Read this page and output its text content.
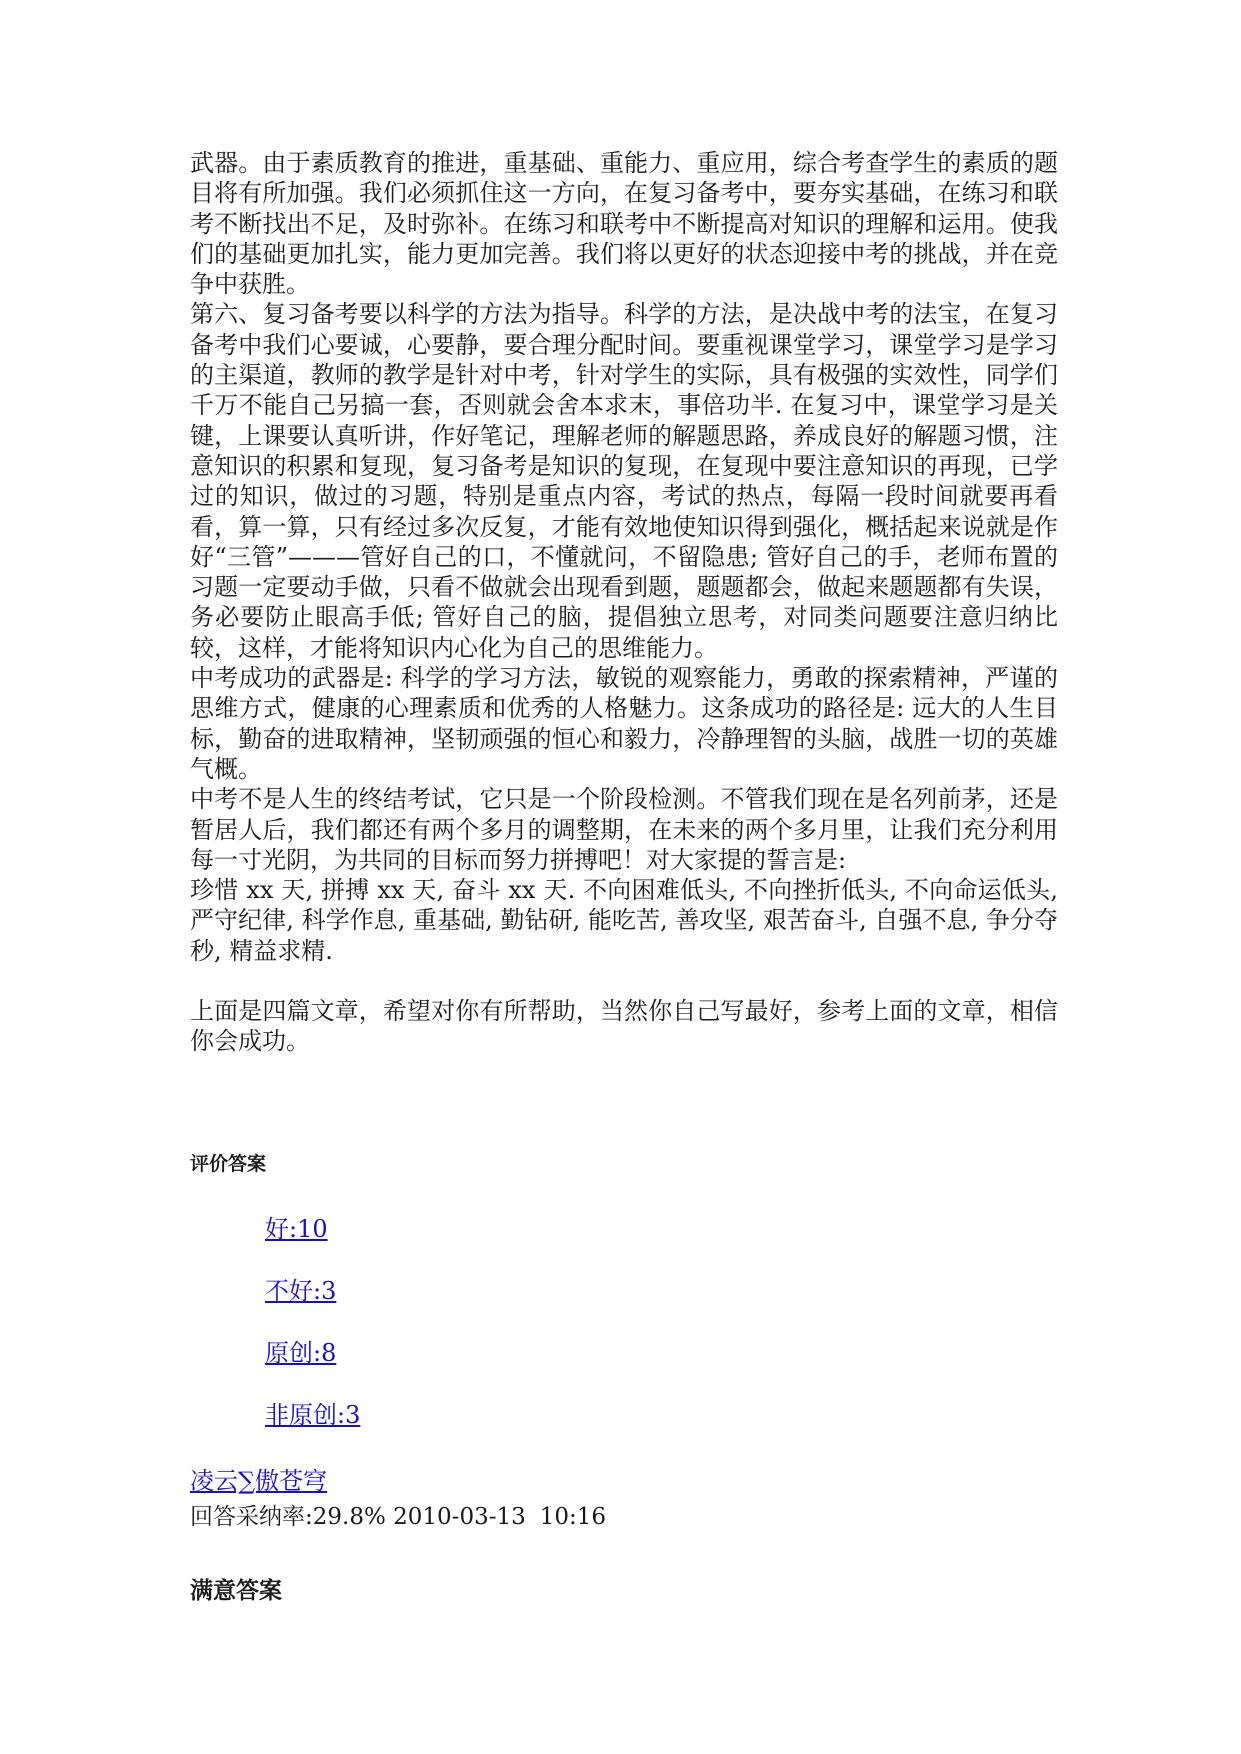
武器。由于素质教育的推进，重基础、重能力、重应用，综合考查学生的素质的题目将有所加强。我们必须抓住这一方向，在复习备考中，要夯实基础，在练习和联考不断找出不足，及时弥补。在练习和联考中不断提高对知识的理解和运用。使我们的基础更加扎实，能力更加完善。我们将以更好的状态迎接中考的挑战，并在竞争中获胜。

第六、复习备考要以科学的方法为指导。科学的方法，是决战中考的法宝，在复习备考中我们心要诚，心要静，要合理分配时间。要重视课堂学习，课堂学习是学习的主渠道，教师的教学是针对中考，针对学生的实际，具有极强的实效性，同学们千万不能自己另搞一套，否则就会舍本求末，事倍功半. 在复习中，课堂学习是关键，上课要认真听讲，作好笔记，理解老师的解题思路，养成良好的解题习惯，注意知识的积累和复现，复习备考是知识的复现，在复现中要注意知识的再现，已学过的知识，做过的习题，特别是重点内容，考试的热点，每隔一段时间就要再看看，算一算，只有经过多次反复，才能有效地使知识得到强化，概括起来说就是作好“三管”———管好自己的口，不懂就问，不留隐患; 管好自己的手，老师布置的习题一定要动手做，只看不做就会出现看到题，题题都会，做起来题题都有失误，务必要防止眼高手低; 管好自己的脑，提倡独立思考，对同类问题要注意归纳比较，这样，才能将知识内心化为自己的思维能力。

中考成功的武器是: 科学的学习方法，敏锐的观察能力，勇敢的探索精神，严谨的思维方式，健康的心理素质和优秀的人格魅力。这条成功的路径是: 远大的人生目标，勤奋的进取精神，坚韧顽强的恒心和毅力，冷静理智的头脑，战胜一切的英雄气概。

中考不是人生的终结考试，它只是一个阶段检测。不管我们现在是名列前茅，还是暂居人后，我们都还有两个多月的调整期，在未来的两个多月里，让我们充分利用每一寸光阴，为共同的目标而努力拼搏吧！对大家提的誓言是:

珍惜 xx 天, 拼搏 xx 天, 奋斗 xx 天. 不向困难低头, 不向挫折低头, 不向命运低头, 严守纪律, 科学作息, 重基础, 勤钻研, 能吃苦, 善攻坚, 艰苦奋斗, 自强不息, 争分夺秒, 精益求精.

上面是四篇文章，希望对你有所帮助，当然你自己写最好，参考上面的文章，相信你会成功。

评价答案
好:10
不好:3
原创:8
非原创:3
凌云∑傲苍穹
回答采纳率:29.8% 2010-03-13 10:16
满意答案
